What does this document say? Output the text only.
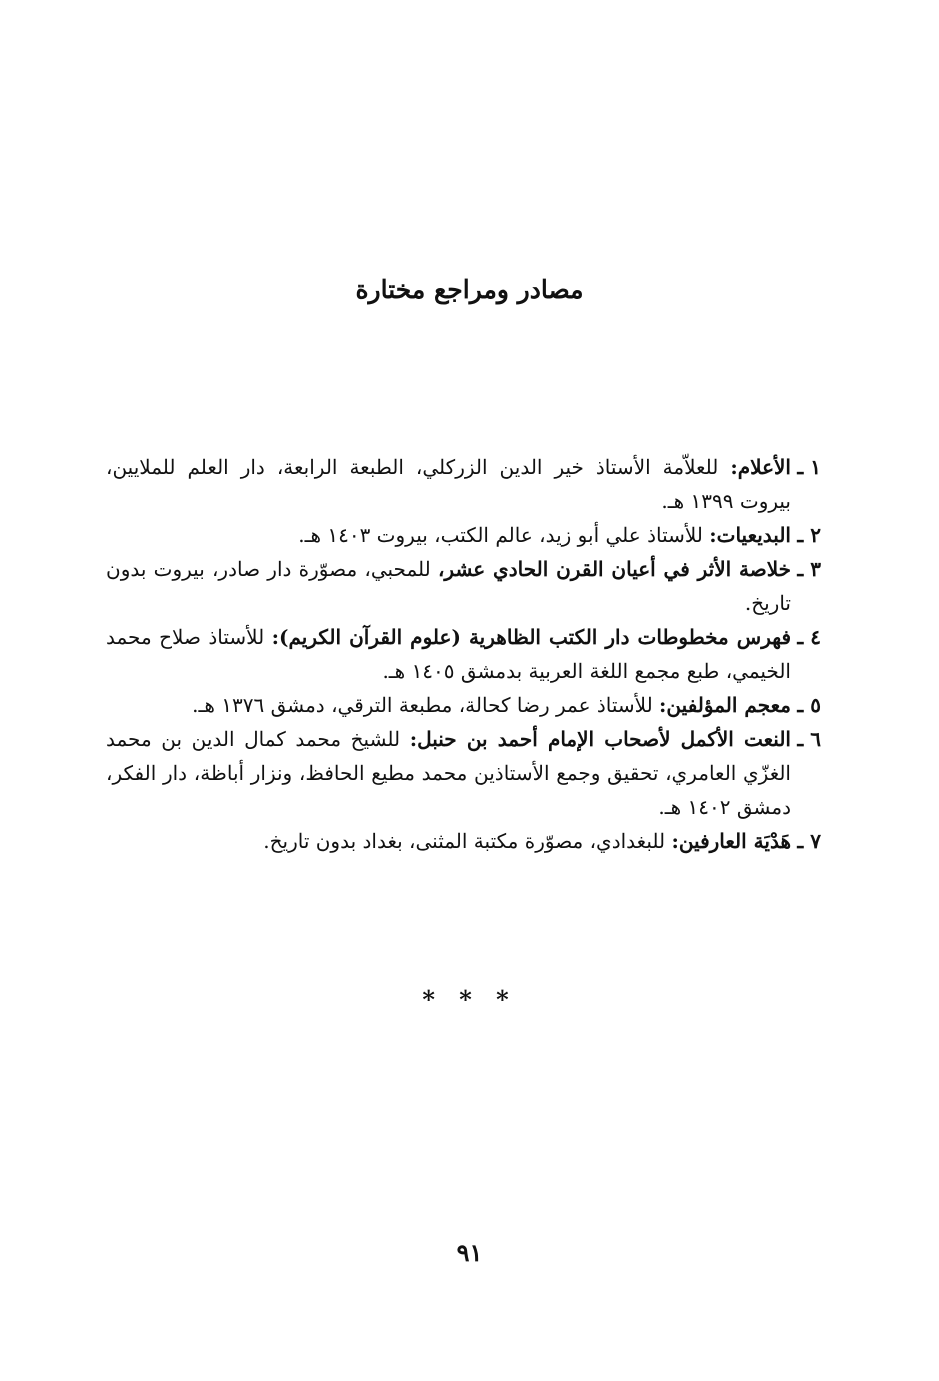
مصادر ومراجع مختارة
١ ـ
الأعلام: للعلاّمة الأستاذ خير الدين الزركلي، الطبعة الرابعة، دار العلم للملايين، بيروت ١٣٩٩ هـ.
٢ ـ
البديعيات: للأستاذ علي أبو زيد، عالم الكتب، بيروت ١٤٠٣ هـ.
٣ ـ
خلاصة الأثر في أعيان القرن الحادي عشر، للمحبي، مصوّرة دار صادر، بيروت بدون تاريخ.
٤ ـ
فهرس مخطوطات دار الكتب الظاهرية (علوم القرآن الكريم): للأستاذ صلاح محمد الخيمي، طبع مجمع اللغة العربية بدمشق ١٤٠٥ هـ.
٥ ـ
معجم المؤلفين: للأستاذ عمر رضا كحالة، مطبعة الترقي، دمشق ١٣٧٦ هـ.
٦ ـ
النعت الأكمل لأصحاب الإمام أحمد بن حنبل: للشيخ محمد كمال الدين بن محمد الغزّي العامري، تحقيق وجمع الأستاذين محمد مطيع الحافظ، ونزار أباظة، دار الفكر، دمشق ١٤٠٢ هـ.
٧ ـ
هَدْيَة العارفين: للبغدادي، مصوّرة مكتبة المثنى، بغداد بدون تاريخ.
* * *
٩١
